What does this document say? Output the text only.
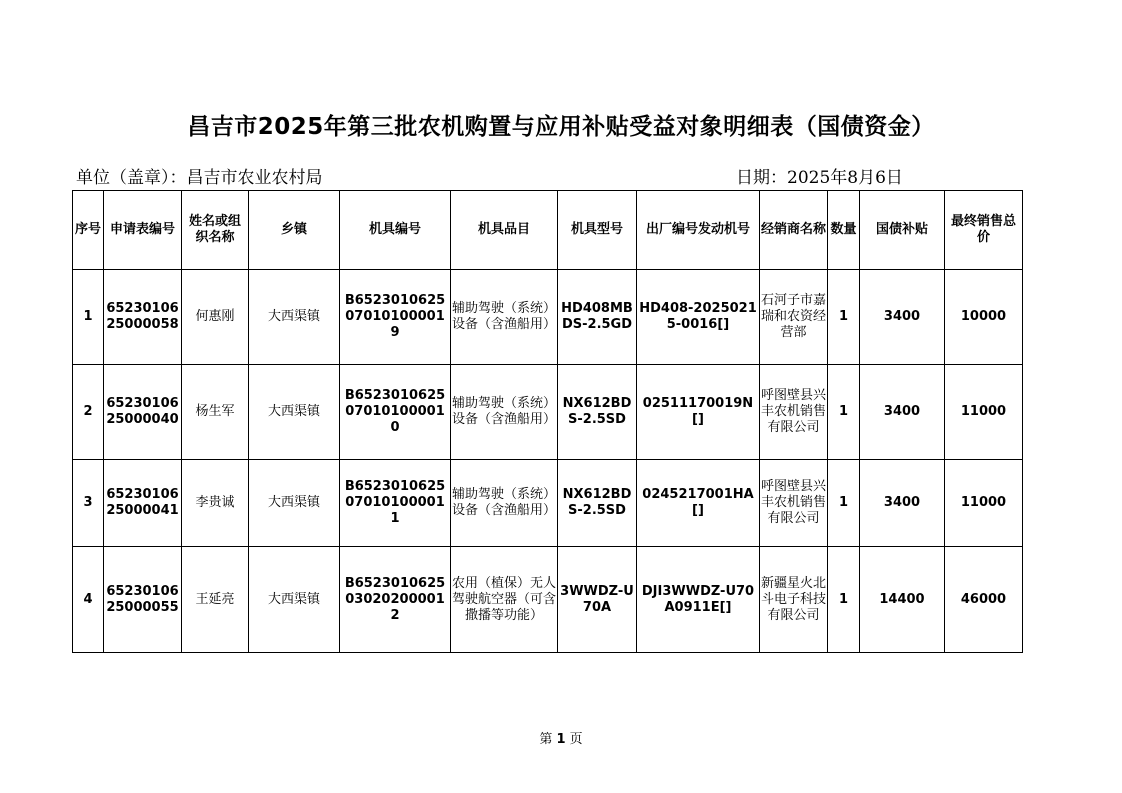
昌吉市2025年第三批农机购置与应用补贴受益对象明细表（国债资金）
单位（盖章）：昌吉市农业农村局	日期：2025年8月6日
序号	申请表编号	姓名或组织名称	乡镇	机具编号	机具品目	机具型号	出厂编号发动机号	经销商名称	数量	国债补贴	最终销售总价
1	6523010625000058	何惠刚	大西渠镇	B6523010625070101000019	辅助驾驶（系统）设备（含渔船用）	HD408MBDS-2.5GD	HD408-20250215-0016[]	石河子市嘉瑞和农资经营部	1	3400	10000
2	6523010625000040	杨生军	大西渠镇	B6523010625070101000010	辅助驾驶（系统）设备（含渔船用）	NX612BDS-2.5SD	02511170019N[]	呼图壁县兴丰农机销售有限公司	1	3400	11000
3	6523010625000041	李贵诚	大西渠镇	B6523010625070101000011	辅助驾驶（系统）设备（含渔船用）	NX612BDS-2.5SD	0245217001HA[]	呼图壁县兴丰农机销售有限公司	1	3400	11000
4	6523010625000055	王延亮	大西渠镇	B6523010625030202000012	农用（植保）无人驾驶航空器（可含撒播等功能）	3WWDZ-U70A	DJI3WWDZ-U70A0911E[]	新疆星火北斗电子科技有限公司	1	14400	46000
第 1 页
